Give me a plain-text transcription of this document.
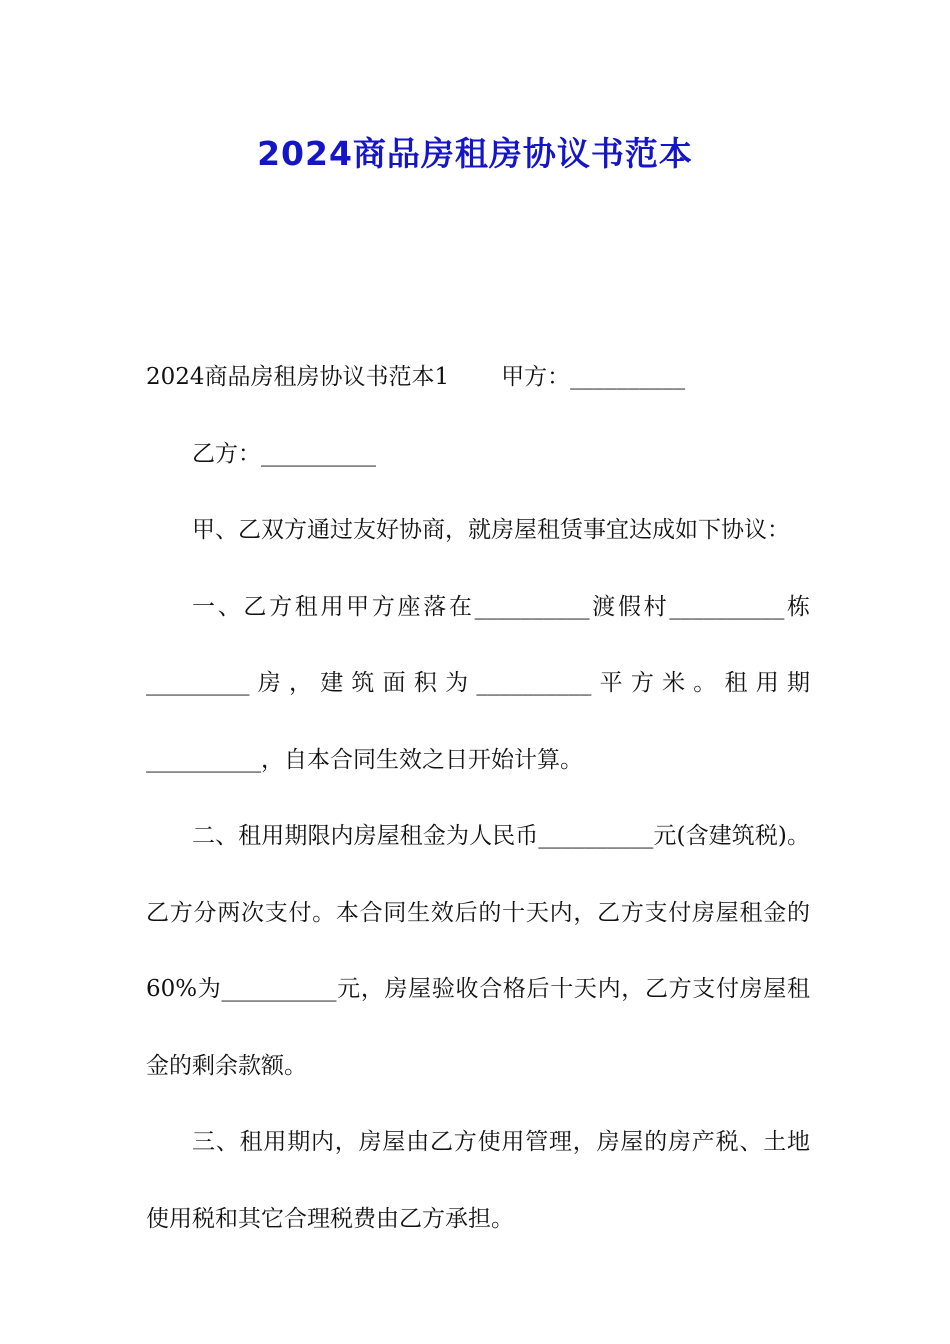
2024商品房租房协议书范本

2024商品房租房协议书范本1 甲方：__________

乙方：__________

甲、乙双方通过友好协商，就房屋租赁事宜达成如下协议：

一、乙方租用甲方座落在__________渡假村__________栋_________房，建筑面积为__________平方米。租用期__________，自本合同生效之日开始计算。

二、租用期限内房屋租金为人民币__________元(含建筑税)。乙方分两次支付。本合同生效后的十天内，乙方支付房屋租金的60%为__________元，房屋验收合格后十天内，乙方支付房屋租金的剩余款额。

三、租用期内，房屋由乙方使用管理，房屋的房产税、土地使用税和其它合理税费由乙方承担。
